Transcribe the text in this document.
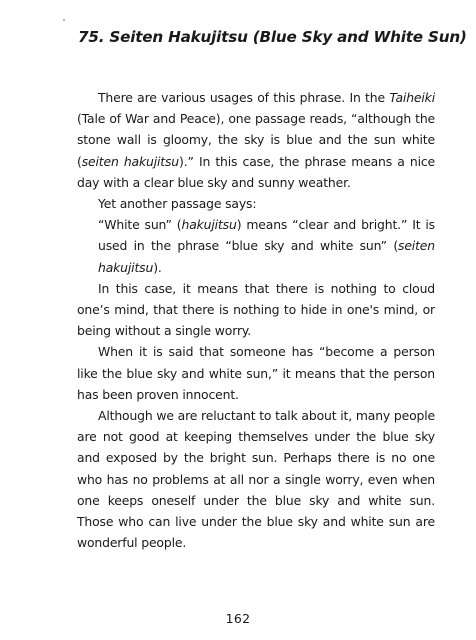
75. Seiten Hakujitsu (Blue Sky and White Sun)

There are various usages of this phrase. In the Taiheiki (Tale of War and Peace), one passage reads, “although the stone wall is gloomy, the sky is blue and the sun white (seiten hakujitsu).” In this case, the phrase means a nice day with a clear blue sky and sunny weather.

Yet another passage says:

“White sun” (hakujitsu) means “clear and bright.” It is used in the phrase “blue sky and white sun” (seiten hakujitsu).

In this case, it means that there is nothing to cloud one’s mind, that there is nothing to hide in one's mind, or being without a single worry.

When it is said that someone has “become a person like the blue sky and white sun,” it means that the person has been proven innocent.

Although we are reluctant to talk about it, many people are not good at keeping themselves under the blue sky and exposed by the bright sun. Perhaps there is no one who has no problems at all nor a single worry, even when one keeps oneself under the blue sky and white sun. Those who can live under the blue sky and white sun are wonderful people.

162
